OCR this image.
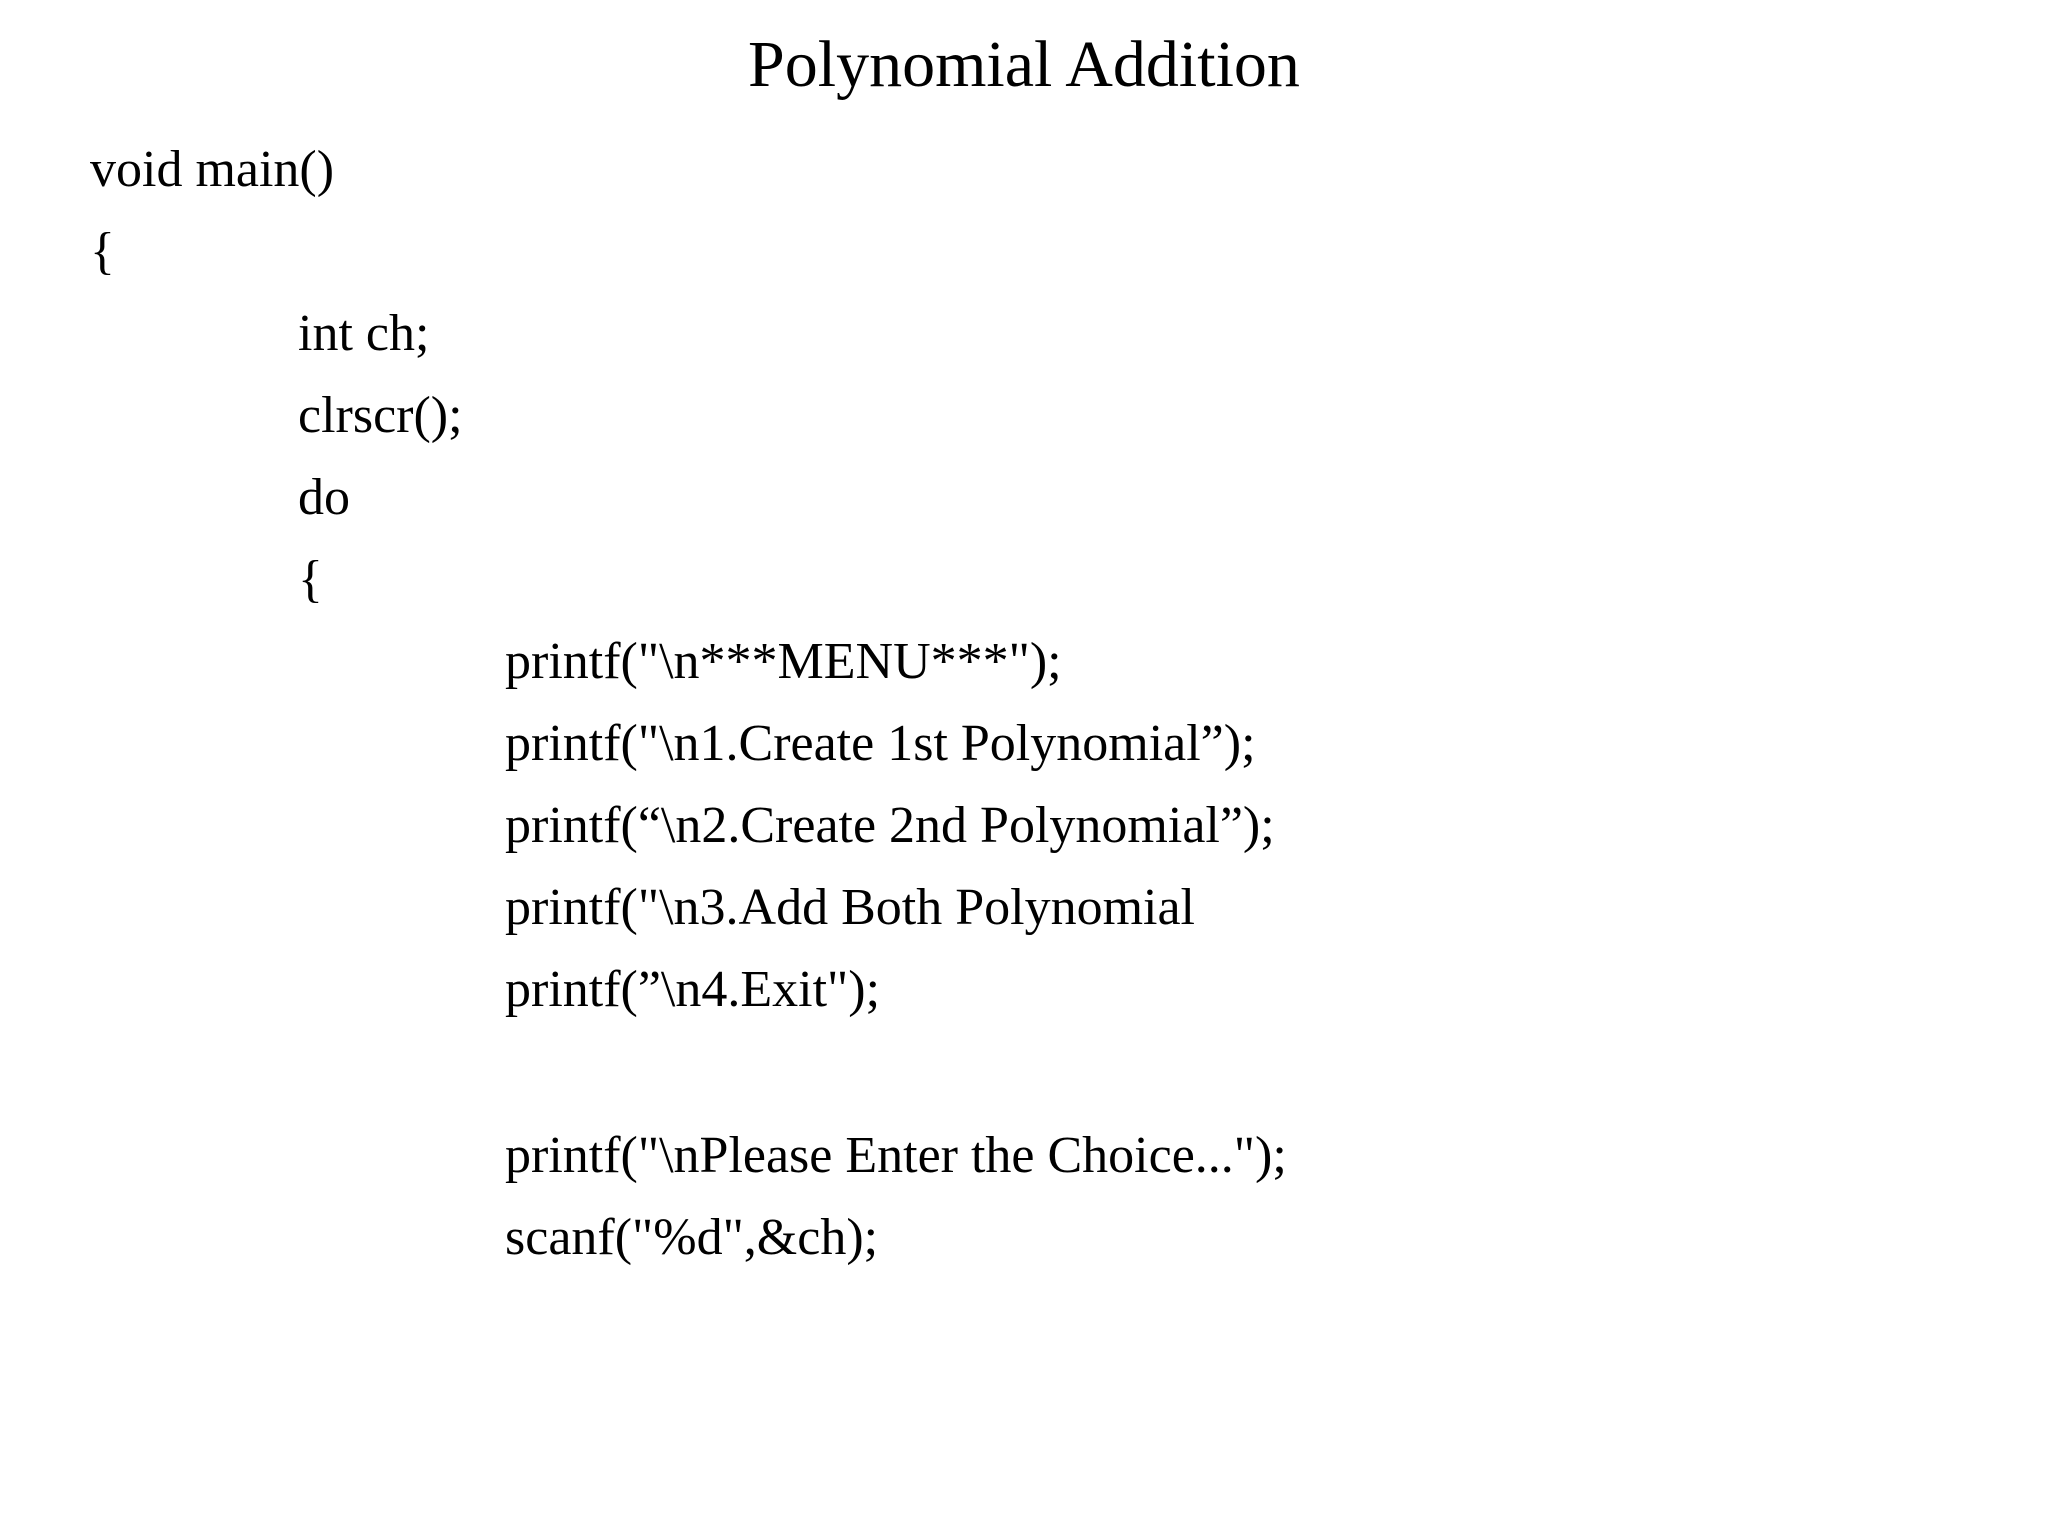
Polynomial Addition

void main()

{

int ch;

clrscr();

do

{

printf("\n***MENU***");

printf("\n1.Create 1st Polynomial”);

printf(“\n2.Create 2nd Polynomial”);

printf("\n3.Add Both Polynomial

printf(”\n4.Exit");

printf("\nPlease Enter the Choice...");

scanf("%d",&ch);
